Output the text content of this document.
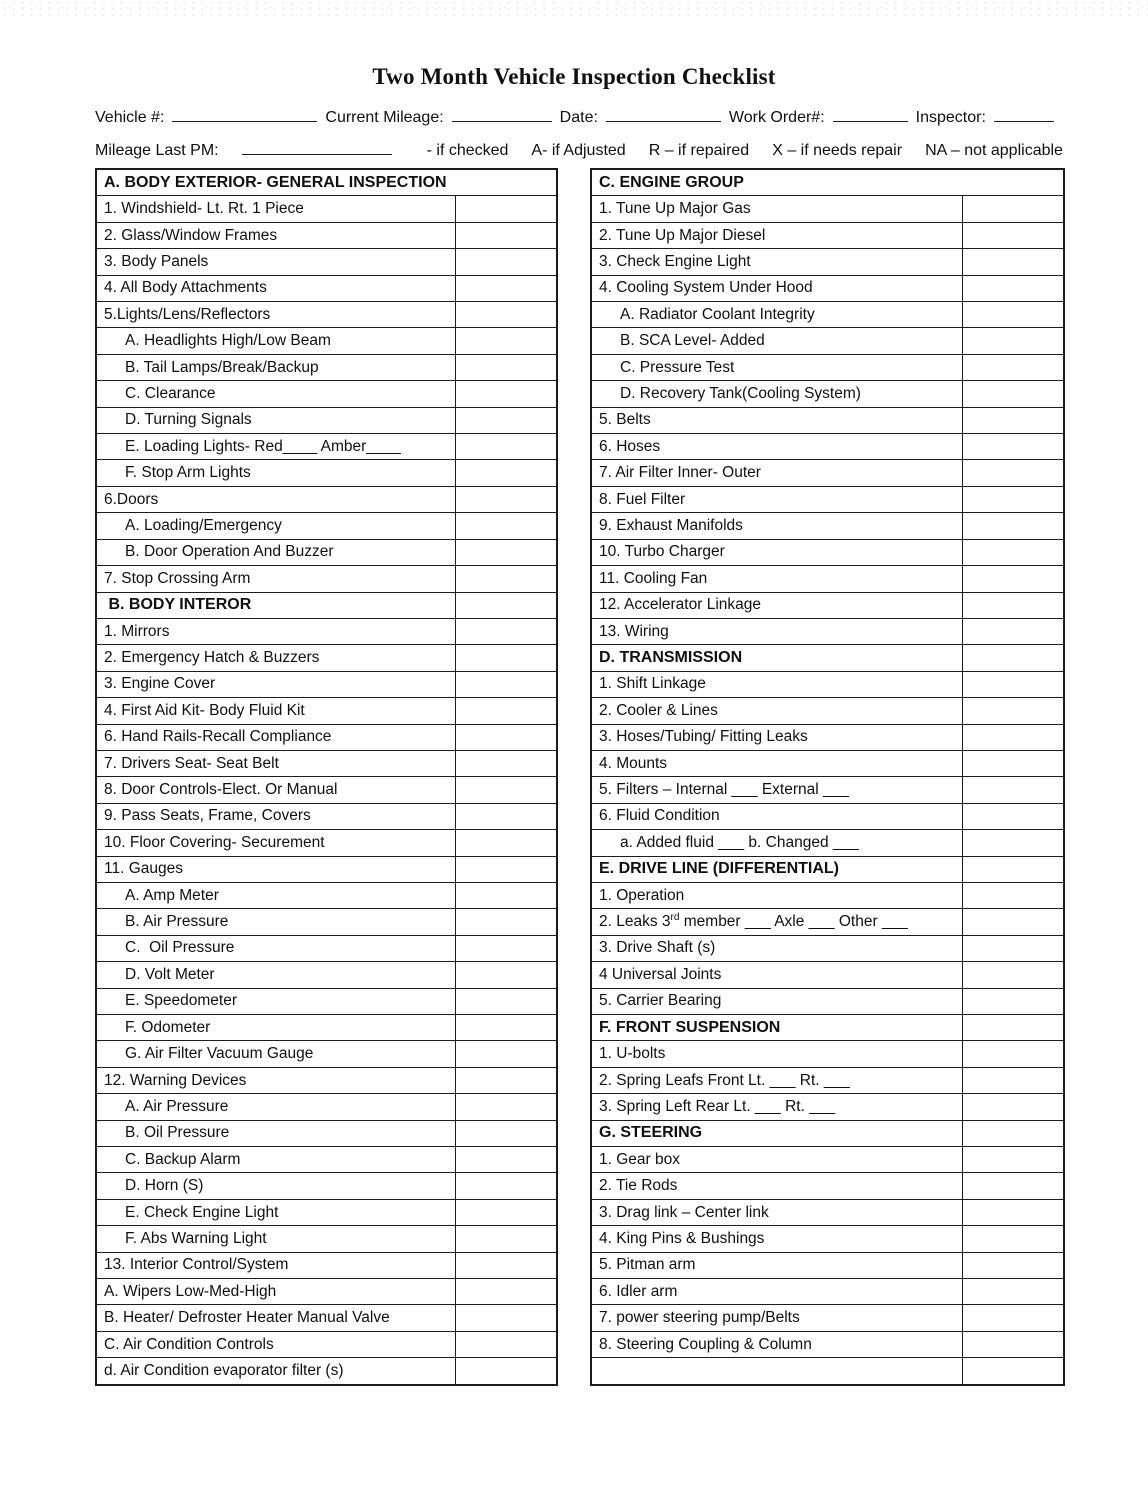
Two Month Vehicle Inspection Checklist
Vehicle #:	Current Mileage:	Date:	Work Order#:	Inspector:
Mileage Last PM:	- if checked A- if Adjusted R – if repaired X – if needs repair NA – not applicable
A. BODY EXTERIOR- GENERAL INSPECTION
1. Windshield- Lt. Rt. 1 Piece
2. Glass/Window Frames
3. Body Panels
4. All Body Attachments
5.Lights/Lens/Reflectors
A. Headlights High/Low Beam
B. Tail Lamps/Break/Backup
C. Clearance
D. Turning Signals
E. Loading Lights- Red____ Amber____
F. Stop Arm Lights
6.Doors
A. Loading/Emergency
B. Door Operation And Buzzer
7. Stop Crossing Arm
B. BODY INTEROR
1. Mirrors
2. Emergency Hatch & Buzzers
3. Engine Cover
4. First Aid Kit- Body Fluid Kit
6. Hand Rails-Recall Compliance
7. Drivers Seat- Seat Belt
8. Door Controls-Elect. Or Manual
9. Pass Seats, Frame, Covers
10. Floor Covering- Securement
11. Gauges
A. Amp Meter
B. Air Pressure
C.  Oil Pressure
D. Volt Meter
E. Speedometer
F. Odometer
G. Air Filter Vacuum Gauge
12. Warning Devices
A. Air Pressure
B. Oil Pressure
C. Backup Alarm
D. Horn (S)
E. Check Engine Light
F. Abs Warning Light
13. Interior Control/System
A. Wipers Low-Med-High
B. Heater/ Defroster Heater Manual Valve
C. Air Condition Controls
d. Air Condition evaporator filter (s)
C. ENGINE GROUP
1. Tune Up Major Gas
2. Tune Up Major Diesel
3. Check Engine Light
4. Cooling System Under Hood
A. Radiator Coolant Integrity
B. SCA Level- Added
C. Pressure Test
D. Recovery Tank(Cooling System)
5. Belts
6. Hoses
7. Air Filter Inner- Outer
8. Fuel Filter
9. Exhaust Manifolds
10. Turbo Charger
11. Cooling Fan
12. Accelerator Linkage
13. Wiring
D. TRANSMISSION
1. Shift Linkage
2. Cooler & Lines
3. Hoses/Tubing/ Fitting Leaks
4. Mounts
5. Filters – Internal ___ External ___
6. Fluid Condition
a. Added fluid ___ b. Changed ___
E. DRIVE LINE (DIFFERENTIAL)
1. Operation
2. Leaks 3rd member ___ Axle ___ Other ___
3. Drive Shaft (s)
4 Universal Joints
5. Carrier Bearing
F. FRONT SUSPENSION
1. U-bolts
2. Spring Leafs Front Lt. ___ Rt. ___
3. Spring Left Rear Lt. ___ Rt. ___
G. STEERING
1. Gear box
2. Tie Rods
3. Drag link – Center link
4. King Pins & Bushings
5. Pitman arm
6. Idler arm
7. power steering pump/Belts
8. Steering Coupling & Column
